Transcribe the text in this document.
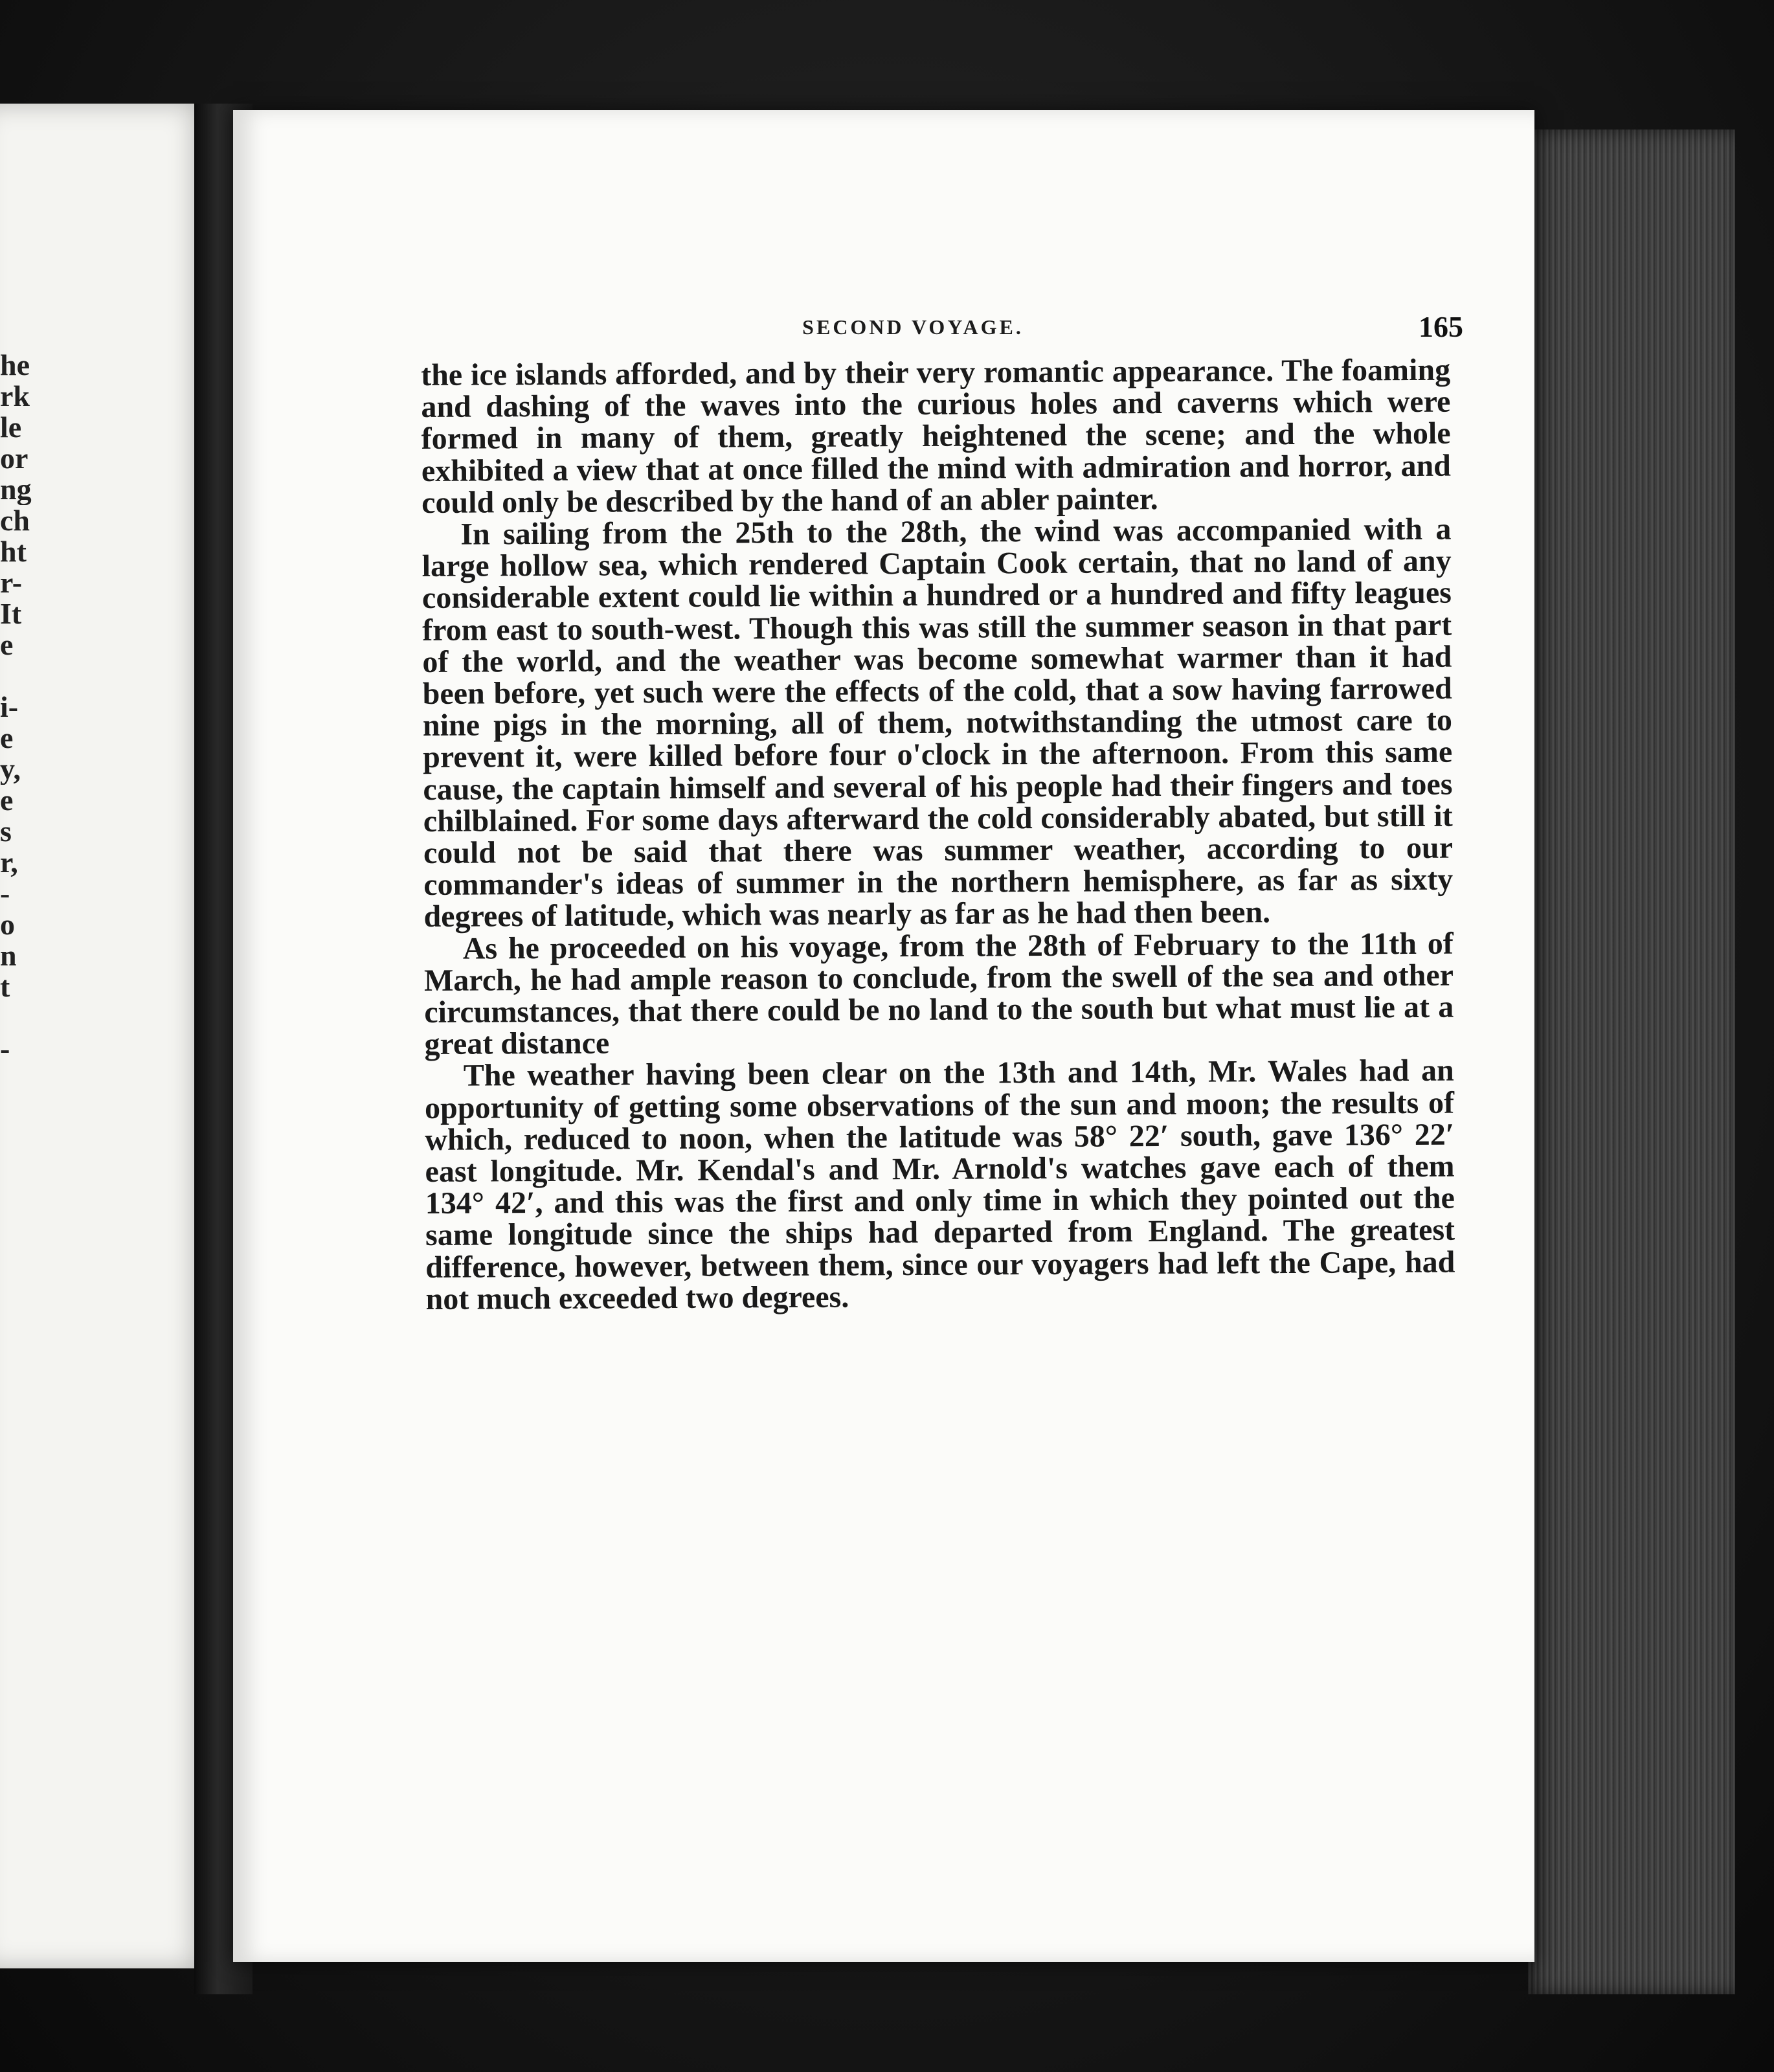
he
rk
le
or
ng
ch
ht
r-
It
e
i-
e
y,
e
s
r,
-
o
n
t
-
SECOND VOYAGE.	165

the ice islands afforded, and by their very romantic appearance. The foaming and dashing of the waves into the curious holes and caverns which were formed in many of them, greatly heightened the scene; and the whole exhibited a view that at once filled the mind with admiration and horror, and could only be described by the hand of an abler painter.

In sailing from the 25th to the 28th, the wind was accompanied with a large hollow sea, which rendered Captain Cook certain, that no land of any considerable extent could lie within a hundred or a hundred and fifty leagues from east to south-west. Though this was still the summer season in that part of the world, and the weather was become somewhat warmer than it had been before, yet such were the effects of the cold, that a sow having farrowed nine pigs in the morning, all of them, notwithstanding the utmost care to prevent it, were killed before four o'clock in the afternoon. From this same cause, the captain himself and several of his people had their fingers and toes chilblained. For some days afterward the cold considerably abated, but still it could not be said that there was summer weather, according to our commander's ideas of summer in the northern hemisphere, as far as sixty degrees of latitude, which was nearly as far as he had then been.

As he proceeded on his voyage, from the 28th of February to the 11th of March, he had ample reason to conclude, from the swell of the sea and other circumstances, that there could be no land to the south but what must lie at a great distance

The weather having been clear on the 13th and 14th, Mr. Wales had an opportunity of getting some observations of the sun and moon; the results of which, reduced to noon, when the latitude was 58° 22′ south, gave 136° 22′ east longitude. Mr. Kendal's and Mr. Arnold's watches gave each of them 134° 42′, and this was the first and only time in which they pointed out the same longitude since the ships had departed from England. The greatest difference, however, between them, since our voyagers had left the Cape, had not much exceeded two degrees.
